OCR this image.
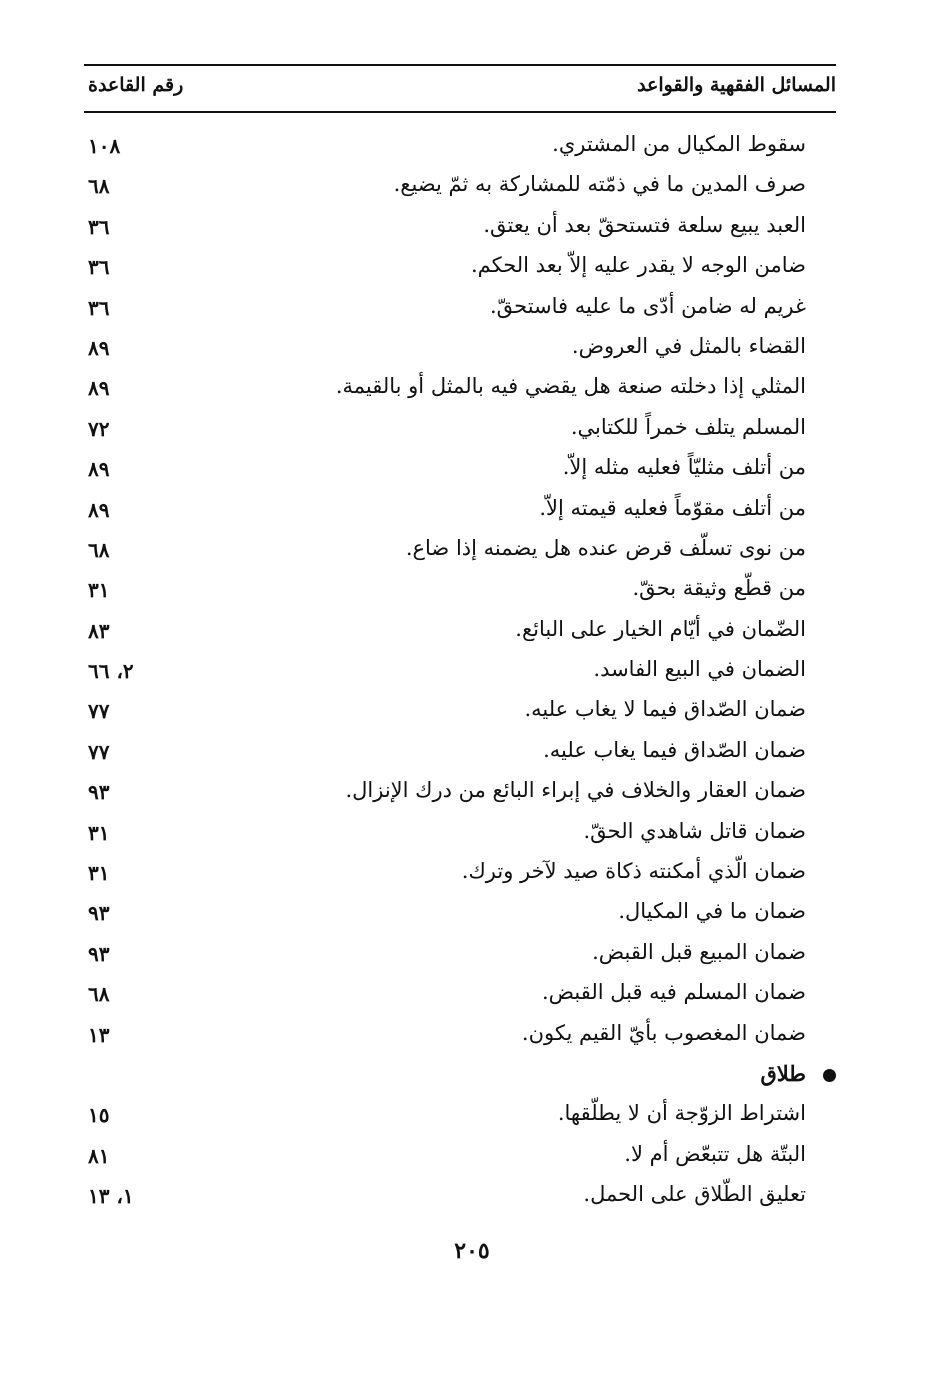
المسائل الفقهية والقواعد
رقم القاعدة
سقوط المكيال من المشتري.
١٠٨
صرف المدين ما في ذمّته للمشاركة به ثمّ يضيع.
٦٨
العبد يبيع سلعة فتستحقّ بعد أن يعتق.
٣٦
ضامن الوجه لا يقدر عليه إلاّ بعد الحكم.
٣٦
غريم له ضامن أدّى ما عليه فاستحقّ.
٣٦
القضاء بالمثل في العروض.
٨٩
المثلي إذا دخلته صنعة هل يقضي فيه بالمثل أو بالقيمة.
٨٩
المسلم يتلف خمراً للكتابي.
٧٢
من أتلف مثليّاً فعليه مثله إلاّ.
٨٩
من أتلف مقوّماً فعليه قيمته إلاّ.
٨٩
من نوى تسلّف قرض عنده هل يضمنه إذا ضاع.
٦٨
من قطّع وثيقة بحقّ.
٣١
الضّمان في أيّام الخيار على البائع.
٨٣
الضمان في البيع الفاسد.
٢، ٦٦
ضمان الصّداق فيما لا يغاب عليه.
٧٧
ضمان الصّداق فيما يغاب عليه.
٧٧
ضمان العقار والخلاف في إبراء البائع من درك الإنزال.
٩٣
ضمان قاتل شاهدي الحقّ.
٣١
ضمان الّذي أمكنته ذكاة صيد لآخر وترك.
٣١
ضمان ما في المكيال.
٩٣
ضمان المبيع قبل القبض.
٩٣
ضمان المسلم فيه قبل القبض.
٦٨
ضمان المغصوب بأيّ القيم يكون.
١٣
طلاق
اشتراط الزوّجة أن لا يطلّقها.
١٥
البتّة هل تتبعّض أم لا.
٨١
تعليق الطّلاق على الحمل.
١، ١٣
٢٠٥
